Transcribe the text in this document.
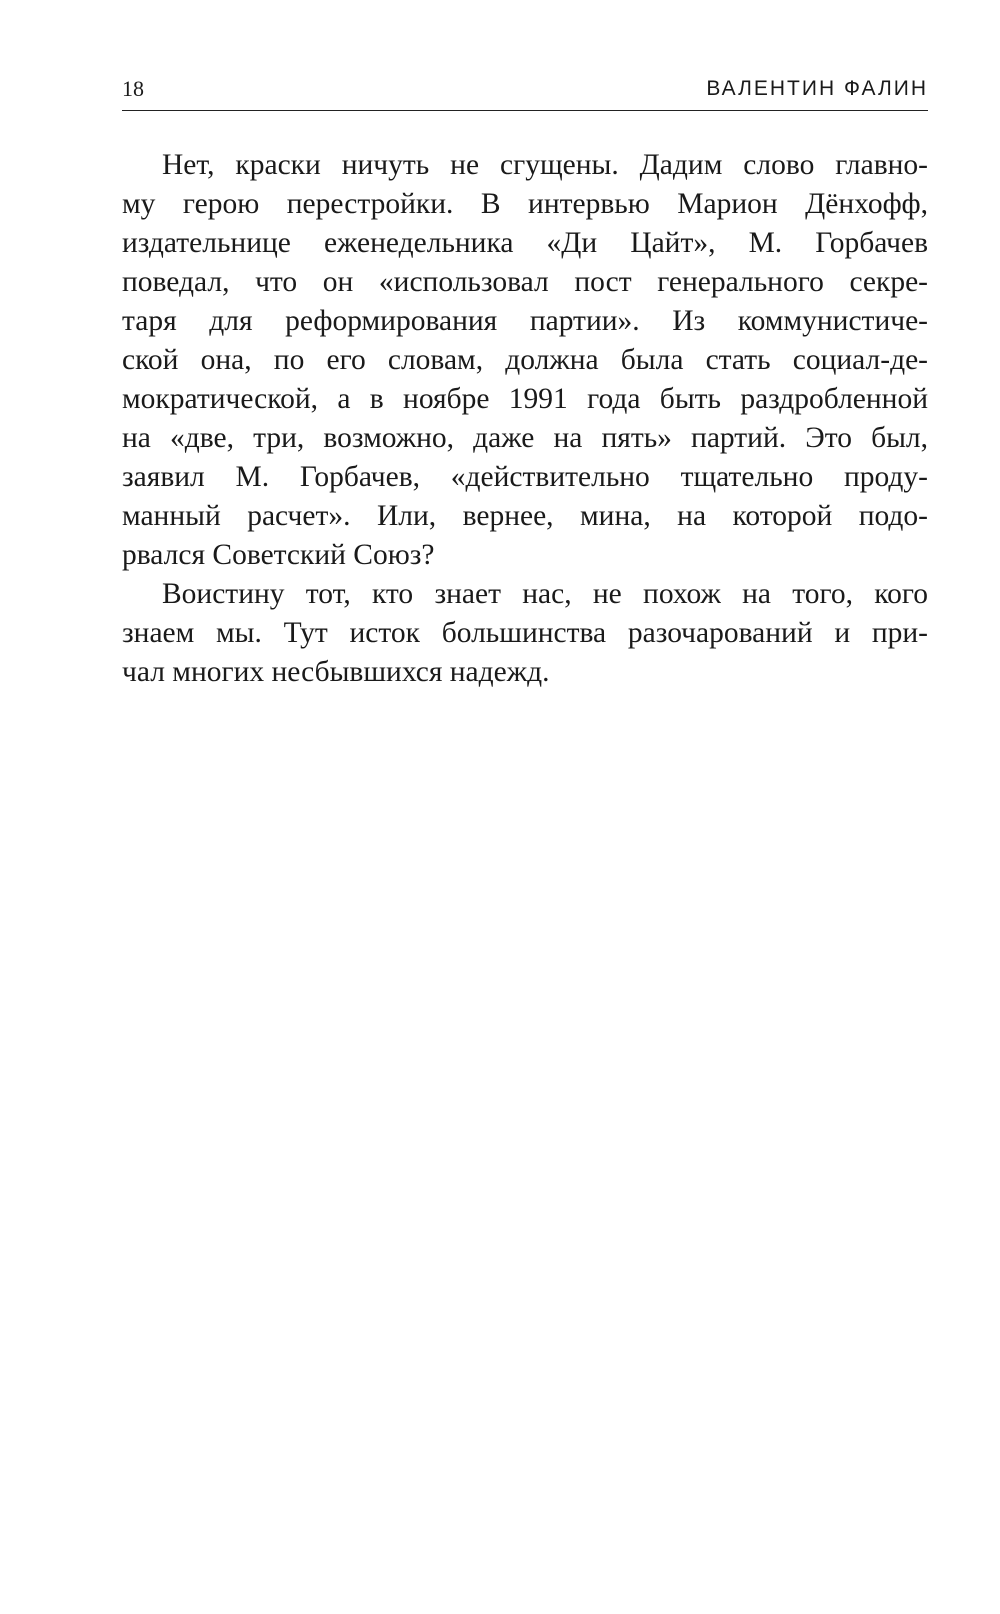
18	ВАЛЕНТИН ФАЛИН
Нет, краски ничуть не сгущены. Дадим слово главно-
му герою перестройки. В интервью Марион Дёнхофф,
издательнице еженедельника «Ди Цайт», М. Горбачев
поведал, что он «использовал пост генерального секре-
таря для реформирования партии». Из коммунистиче-
ской она, по его словам, должна была стать социал-де-
мократической, а в ноябре 1991 года быть раздробленной
на «две, три, возможно, даже на пять» партий. Это был,
заявил М. Горбачев, «действительно тщательно проду-
манный расчет». Или, вернее, мина, на которой подо-
рвался Советский Союз?
Воистину тот, кто знает нас, не похож на того, кого
знаем мы. Тут исток большинства разочарований и при-
чал многих несбывшихся надежд.
